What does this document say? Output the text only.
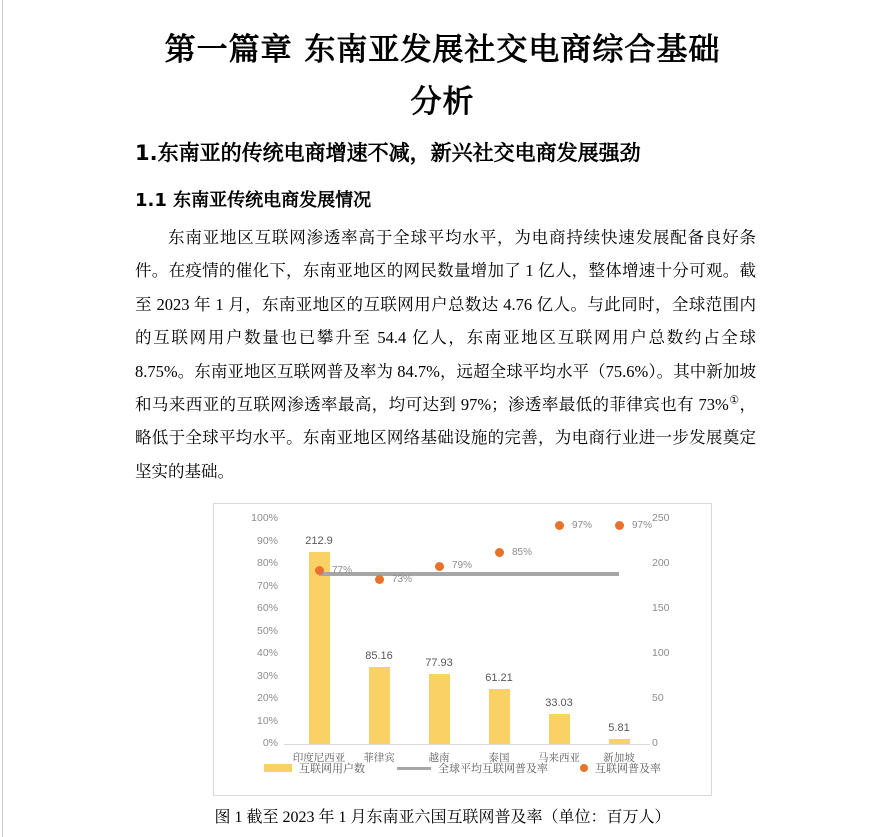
第一篇章 东南亚发展社交电商综合基础
分析
1.东南亚的传统电商增速不减，新兴社交电商发展强劲
1.1 东南亚传统电商发展情况

东南亚地区互联网渗透率高于全球平均水平，为电商持续快速发展配备良好条件。在疫情的催化下，东南亚地区的网民数量增加了 1 亿人，整体增速十分可观。截至 2023 年 1 月，东南亚地区的互联网用户总数达 4.76 亿人。与此同时，全球范围内的互联网用户数量也已攀升至 54.4 亿人，东南亚地区互联网用户总数约占全球 8.75%。东南亚地区互联网普及率为 84.7%，远超全球平均水平（75.6%）。其中新加坡和马来西亚的互联网渗透率最高，均可达到 97%；渗透率最低的菲律宾也有 73%①，略低于全球平均水平。东南亚地区网络基础设施的完善，为电商行业进一步发展奠定坚实的基础。

0%
10%
20%
30%
40%
50%
60%
70%
80%
90%
100%
0
50
100
150
200
250
212.9
印度尼西亚
85.16
菲律宾
77.93
越南
61.21
泰国
33.03
马来西亚
5.81
新加坡
77%
73%
79%
85%
97%	97%
互联网用户数	全球平均互联网普及率	互联网普及率
图 1 截至 2023 年 1 月东南亚六国互联网普及率（单位：百万人）
